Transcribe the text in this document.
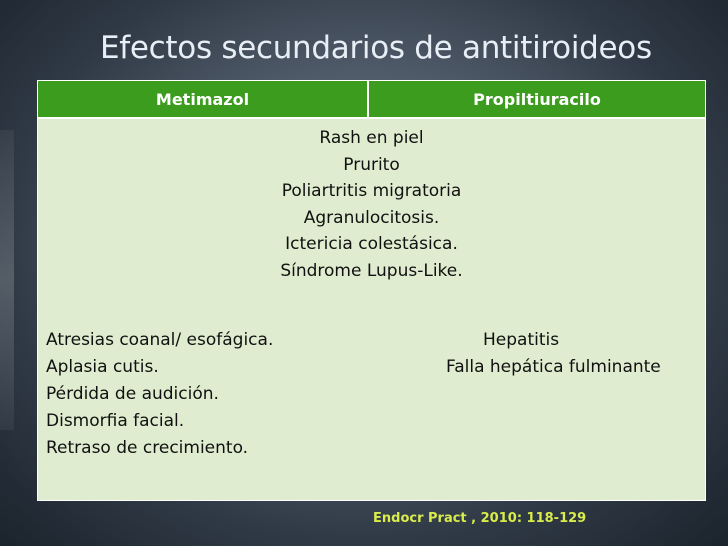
Efectos secundarios de antitiroideos
Metimazol	Propiltiuracilo
Rash en piel
Prurito
Poliartritis migratoria
Agranulocitosis.
Ictericia colestásica.
Síndrome Lupus-Like.
Atresias coanal/ esofágica.
Aplasia cutis.
Pérdida de audición.
Dismorfia facial.
Retraso de crecimiento.
Hepatitis
Falla hepática fulminante
Endocr Pract , 2010: 118-129
